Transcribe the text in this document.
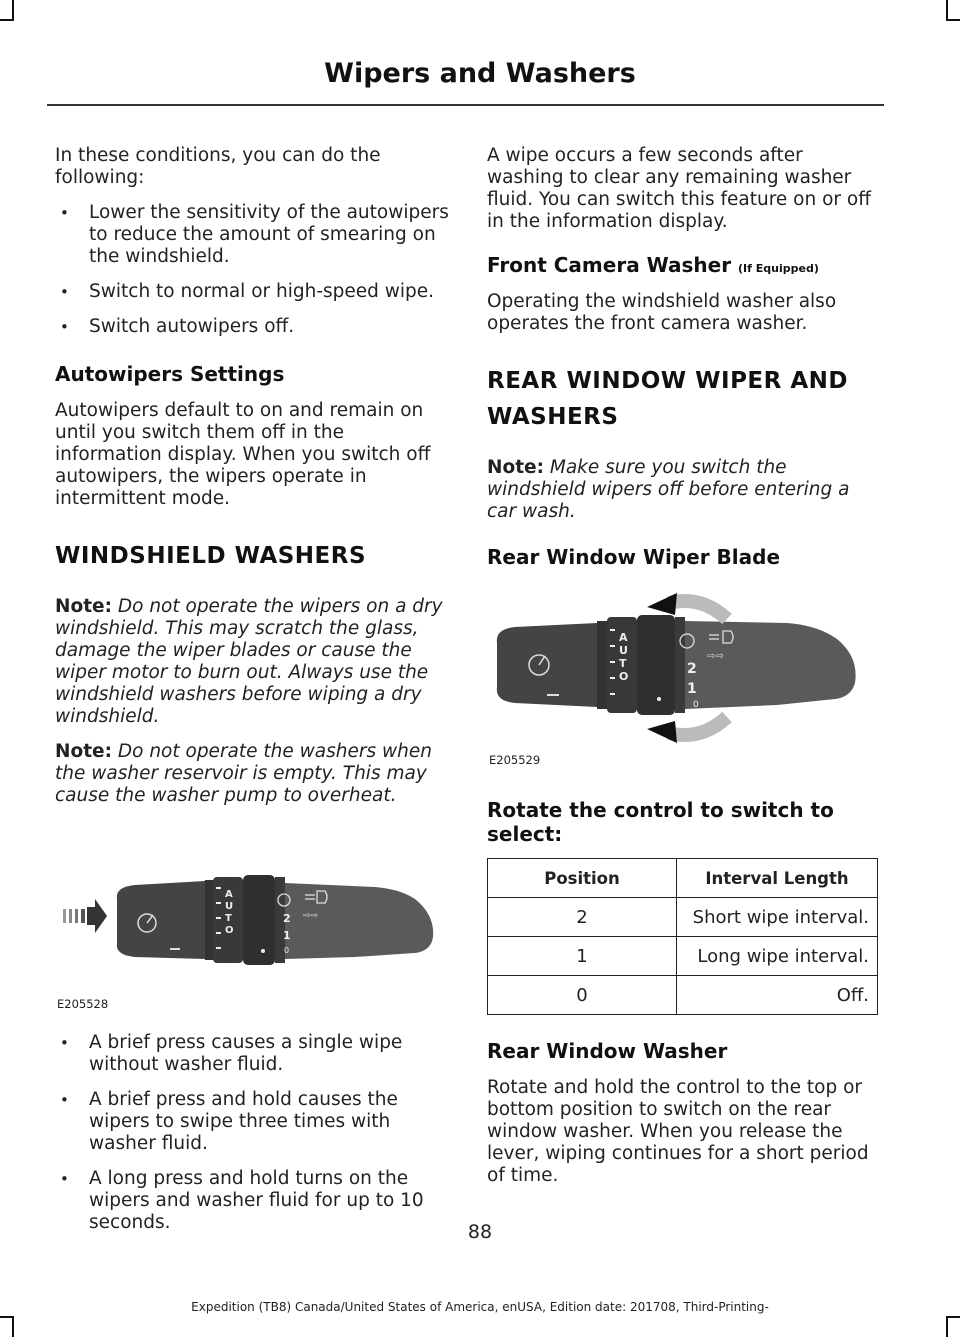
Wipers and Washers

In these conditions, you can do the following:

• Lower the sensitivity of the autowipers to reduce the amount of smearing on the windshield.
• Switch to normal or high-speed wipe.
• Switch autowipers off.
Autowipers Settings

Autowipers default to on and remain on until you switch them off in the information display. When you switch off autowipers, the wipers operate in intermittent mode.

WINDSHIELD WASHERS

Note: Do not operate the wipers on a dry windshield. This may scratch the glass, damage the wiper blades or cause the wiper motor to burn out. Always use the windshield washers before wiping a dry windshield.

Note: Do not operate the washers when the washer reservoir is empty. This may cause the washer pump to overheat.

A
U
T
O
2
1
0
⇨⇨
E205528
• A brief press causes a single wipe without washer fluid.
• A brief press and hold causes the wipers to swipe three times with washer fluid.
• A long press and hold turns on the wipers and washer fluid for up to 10 seconds.

A wipe occurs a few seconds after washing to clear any remaining washer fluid. You can switch this feature on or off in the information display.

Front Camera Washer (If Equipped)

Operating the windshield washer also operates the front camera washer.

REAR WINDOW WIPER AND
WASHERS

Note: Make sure you switch the windshield wipers off before entering a car wash.

Rear Window Wiper Blade
A
U
T
O	2
1
0
⇨⇨
E205529
Rotate the control to switch to select:
Position	Interval Length
2	Short wipe interval.
1	Long wipe interval.
0	Off.
Rear Window Washer

Rotate and hold the control to the top or bottom position to switch on the rear window washer. When you release the lever, wiping continues for a short period of time.

88
Expedition (TB8) Canada/United States of America, enUSA, Edition date: 201708, Third-Printing-
